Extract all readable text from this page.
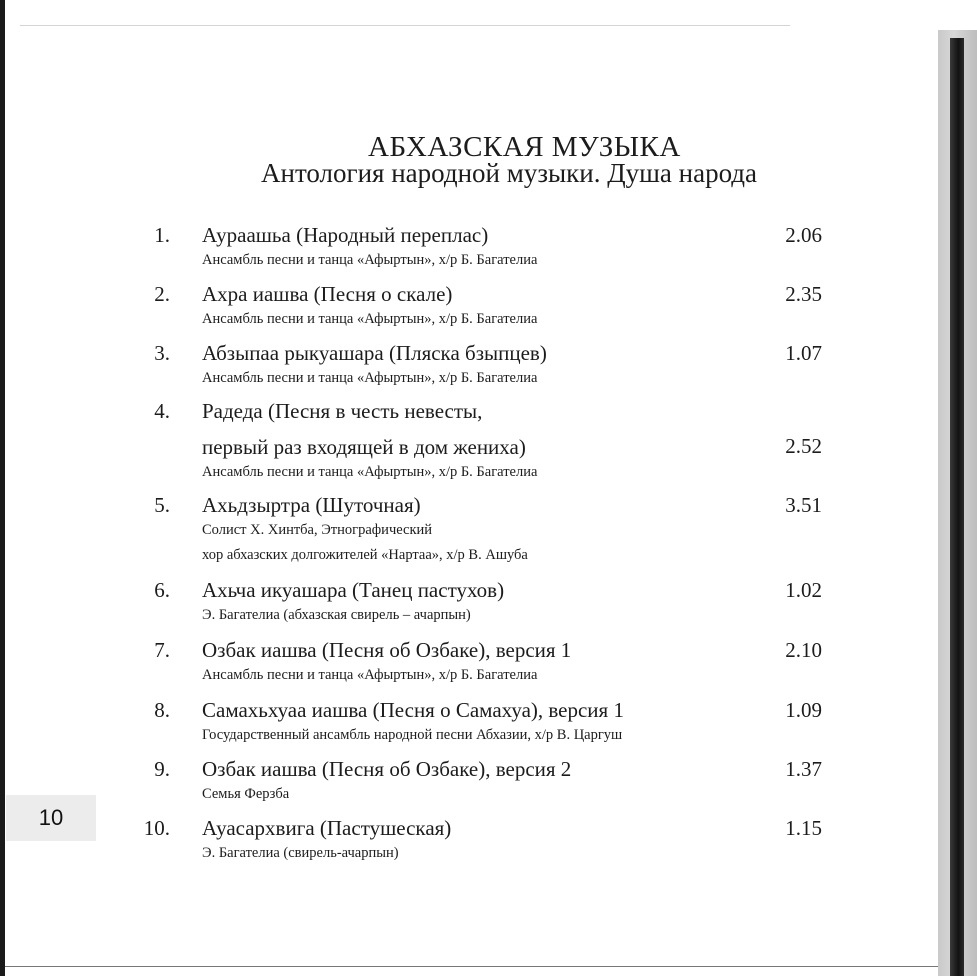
10
АБХАЗСКАЯ МУЗЫКА
Антология народной музыки. Душа народа
1. Аураашьа (Народный переплас)
Ансамбль песни и танца «Афыртын», х/р Б. Багателиа
2.06
2. Ахра иашва (Песня о скале)
Ансамбль песни и танца «Афыртын», х/р Б. Багателиа
2.35
3. Абзыпаа рыкуашара (Пляска бзыпцев)
Ансамбль песни и танца «Афыртын», х/р Б. Багателиа
1.07
4. Радеда (Песня в честь невесты,
первый раз входящей в дом жениха)
Ансамбль песни и танца «Афыртын», х/р Б. Багателиа
2.52
5. Ахьдзыртра (Шуточная)
Солист Х. Хинтба, Этнографический
хор абхазских долгожителей «Нартаа», х/р В. Ашуба
3.51
6. Ахьча икуашара (Танец пастухов)
Э. Багателиа (абхазская свирель – ачарпын)
1.02
7. Озбак иашва (Песня об Озбаке), версия 1
Ансамбль песни и танца «Афыртын», х/р Б. Багателиа
2.10
8. Самахьхуаа иашва (Песня о Самахуа), версия 1
Государственный ансамбль народной песни Абхазии, х/р В. Царгуш
1.09
9. Озбак иашва (Песня об Озбаке), версия 2
Семья Ферзба
1.37
10. Ауасархвига (Пастушеская)
Э. Багателиа (свирель-ачарпын)
1.15
